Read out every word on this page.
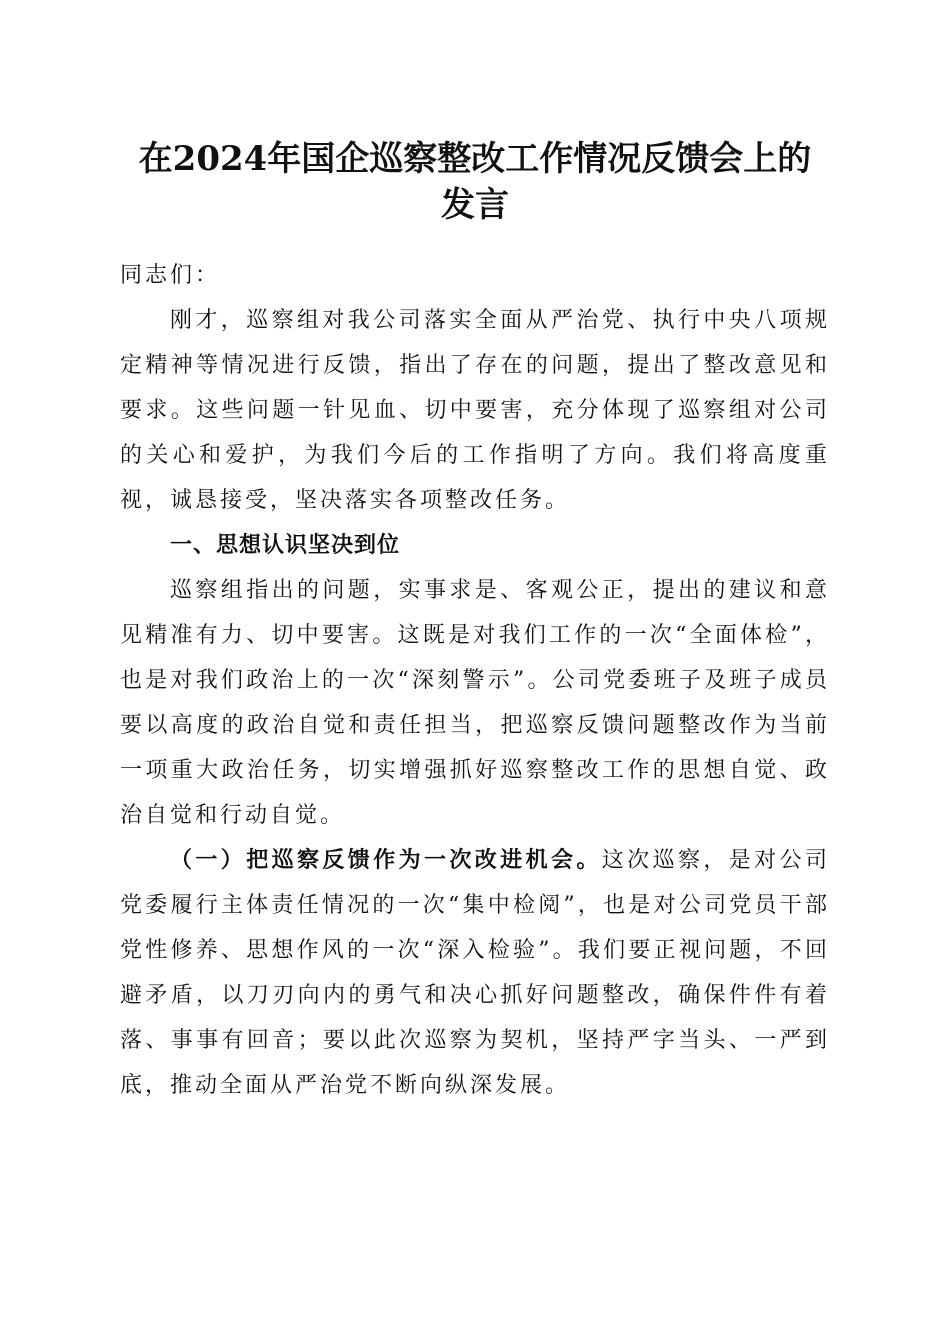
在2024年国企巡察整改工作情况反馈会上的
发言

同志们：

刚才，巡察组对我公司落实全面从严治党、执行中央八项规定精神等情况进行反馈，指出了存在的问题，提出了整改意见和要求。这些问题一针见血、切中要害，充分体现了巡察组对公司的关心和爱护，为我们今后的工作指明了方向。我们将高度重视，诚恳接受，坚决落实各项整改任务。

一、思想认识坚决到位

巡察组指出的问题，实事求是、客观公正，提出的建议和意见精准有力、切中要害。这既是对我们工作的一次“全面体检”，也是对我们政治上的一次“深刻警示”。公司党委班子及班子成员要以高度的政治自觉和责任担当，把巡察反馈问题整改作为当前一项重大政治任务，切实增强抓好巡察整改工作的思想自觉、政治自觉和行动自觉。

（一）把巡察反馈作为一次改进机会。这次巡察，是对公司党委履行主体责任情况的一次“集中检阅”，也是对公司党员干部党性修养、思想作风的一次“深入检验”。我们要正视问题，不回避矛盾，以刀刃向内的勇气和决心抓好问题整改，确保件件有着落、事事有回音；要以此次巡察为契机，坚持严字当头、一严到底，推动全面从严治党不断向纵深发展。
